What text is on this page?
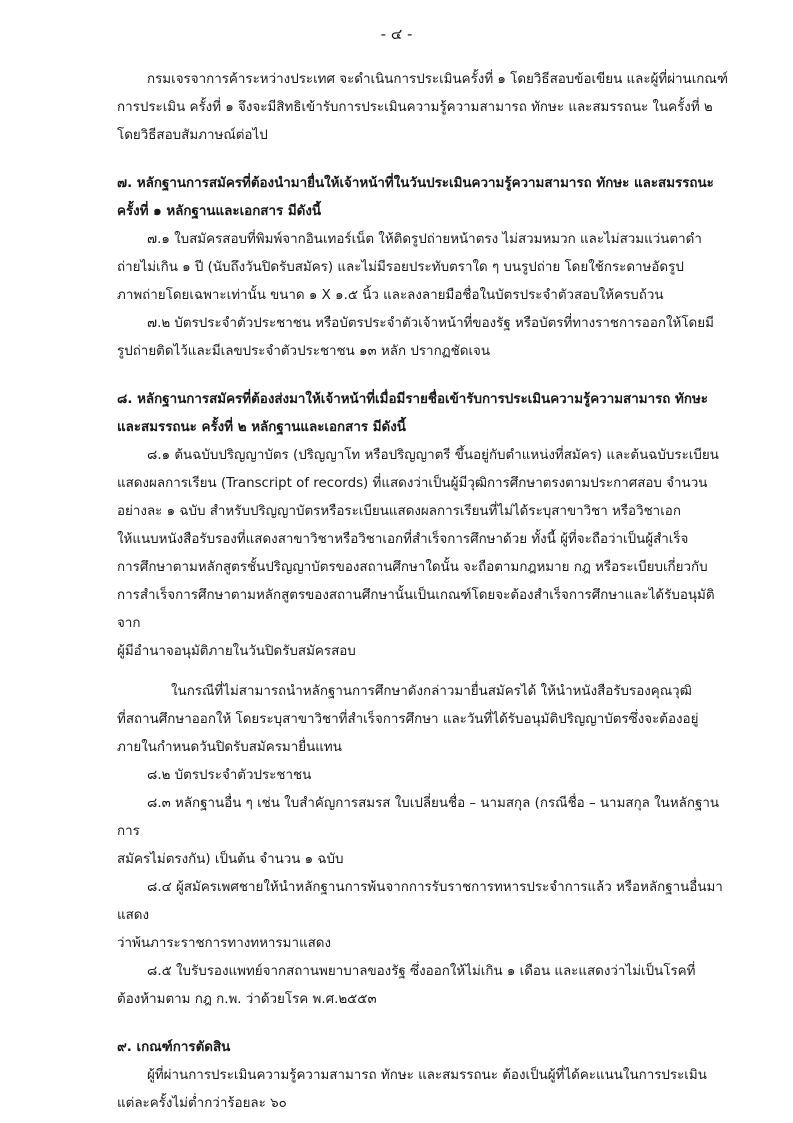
- ๔ -

กรมเจรจาการค้าระหว่างประเทศ จะดำเนินการประเมินครั้งที่ ๑ โดยวิธีสอบข้อเขียน และผู้ที่ผ่านเกณฑ์

การประเมิน ครั้งที่ ๑ จึงจะมีสิทธิเข้ารับการประเมินความรู้ความสามารถ ทักษะ และสมรรถนะ ในครั้งที่ ๒

โดยวิธีสอบสัมภาษณ์ต่อไป

๗. หลักฐานการสมัครที่ต้องนำมายื่นให้เจ้าหน้าที่ในวันประเมินความรู้ความสามารถ ทักษะ และสมรรถนะ

ครั้งที่ ๑ หลักฐานและเอกสาร มีดังนี้

๗.๑ ใบสมัครสอบที่พิมพ์จากอินเทอร์เน็ต ให้ติดรูปถ่ายหน้าตรง ไม่สวมหมวก และไม่สวมแว่นตาดำ

ถ่ายไม่เกิน ๑ ปี (นับถึงวันปิดรับสมัคร) และไม่มีรอยประทับตราใด ๆ บนรูปถ่าย โดยใช้กระดาษอัดรูป

ภาพถ่ายโดยเฉพาะเท่านั้น ขนาด ๑ X ๑.๕ นิ้ว และลงลายมือชื่อในบัตรประจำตัวสอบให้ครบถ้วน

๗.๒ บัตรประจำตัวประชาชน หรือบัตรประจำตัวเจ้าหน้าที่ของรัฐ หรือบัตรที่ทางราชการออกให้โดยมี

รูปถ่ายติดไว้และมีเลขประจำตัวประชาชน ๑๓ หลัก ปรากฏชัดเจน

๘. หลักฐานการสมัครที่ต้องส่งมาให้เจ้าหน้าที่เมื่อมีรายชื่อเข้ารับการประเมินความรู้ความสามารถ ทักษะ

และสมรรถนะ ครั้งที่ ๒ หลักฐานและเอกสาร มีดังนี้

๘.๑ ต้นฉบับปริญญาบัตร (ปริญญาโท หรือปริญญาตรี ขึ้นอยู่กับตำแหน่งที่สมัคร) และต้นฉบับระเบียน

แสดงผลการเรียน (Transcript of records) ที่แสดงว่าเป็นผู้มีวุฒิการศึกษาตรงตามประกาศสอบ จำนวน

อย่างละ ๑ ฉบับ สำหรับปริญญาบัตรหรือระเบียนแสดงผลการเรียนที่ไม่ได้ระบุสาขาวิชา หรือวิชาเอก

ให้แนบหนังสือรับรองที่แสดงสาขาวิชาหรือวิชาเอกที่สำเร็จการศึกษาด้วย ทั้งนี้ ผู้ที่จะถือว่าเป็นผู้สำเร็จ

การศึกษาตามหลักสูตรชั้นปริญญาบัตรของสถานศึกษาใดนั้น จะถือตามกฎหมาย กฎ หรือระเบียบเกี่ยวกับ

การสำเร็จการศึกษาตามหลักสูตรของสถานศึกษานั้นเป็นเกณฑ์โดยจะต้องสำเร็จการศึกษาและได้รับอนุมัติจาก

ผู้มีอำนาจอนุมัติภายในวันปิดรับสมัครสอบ

ในกรณีที่ไม่สามารถนำหลักฐานการศึกษาดังกล่าวมายื่นสมัครได้ ให้นำหนังสือรับรองคุณวุฒิ

ที่สถานศึกษาออกให้ โดยระบุสาขาวิชาที่สำเร็จการศึกษา และวันที่ได้รับอนุมัติปริญญาบัตรซึ่งจะต้องอยู่

ภายในกำหนดวันปิดรับสมัครมายื่นแทน

๘.๒ บัตรประจำตัวประชาชน

๘.๓ หลักฐานอื่น ๆ เช่น ใบสำคัญการสมรส ใบเปลี่ยนชื่อ – นามสกุล (กรณีชื่อ – นามสกุล ในหลักฐานการ

สมัครไม่ตรงกัน) เป็นต้น จำนวน ๑ ฉบับ

๘.๔ ผู้สมัครเพศชายให้นำหลักฐานการพ้นจากการรับราชการทหารประจำการแล้ว หรือหลักฐานอื่นมาแสดง

ว่าพ้นภาระราชการทางทหารมาแสดง

๘.๕ ใบรับรองแพทย์จากสถานพยาบาลของรัฐ ซึ่งออกให้ไม่เกิน ๑ เดือน และแสดงว่าไม่เป็นโรคที่

ต้องห้ามตาม กฎ ก.พ. ว่าด้วยโรค พ.ศ.๒๕๕๓

๙. เกณฑ์การตัดสิน

ผู้ที่ผ่านการประเมินความรู้ความสามารถ ทักษะ และสมรรถนะ ต้องเป็นผู้ที่ได้คะแนนในการประเมิน

แต่ละครั้งไม่ต่ำกว่าร้อยละ ๖๐
